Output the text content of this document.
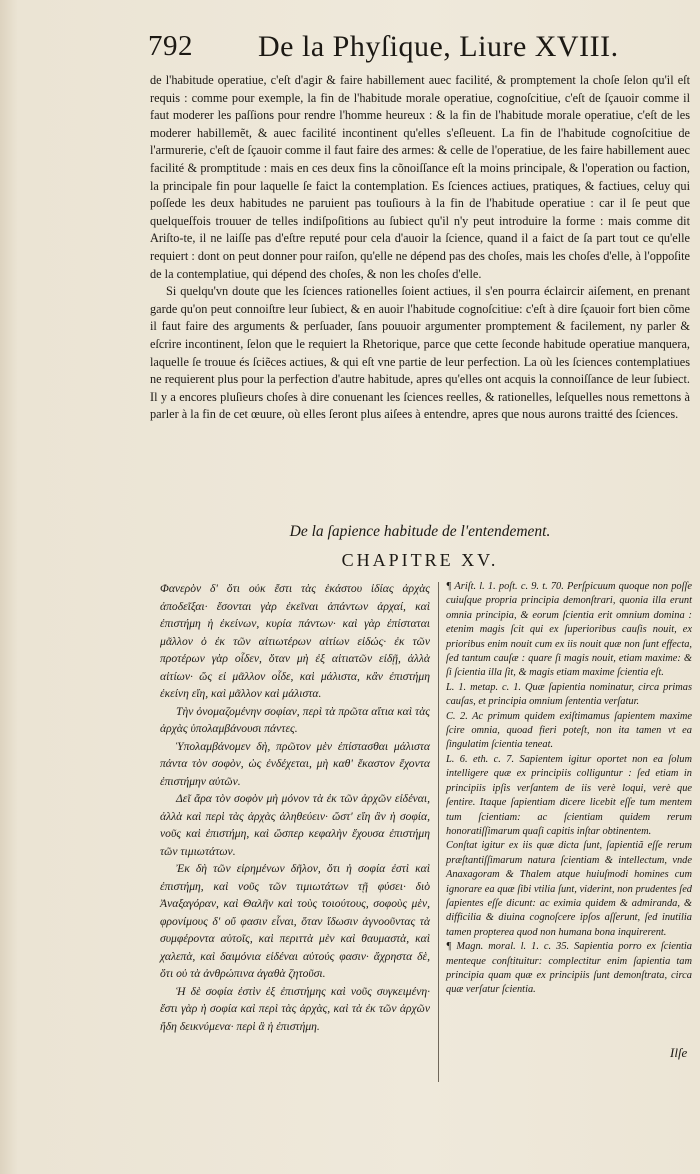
792 De la Phyſique, Liure XVIII.

de l'habitude operatiue, c'eſt d'agir & faire habillement auec facilité, & promptement la choſe ſelon qu'il eſt requis : comme pour exemple, la fin de l'habitude morale operatiue, cognoſcitiue, c'eſt de ſçauoir comme il faut moderer les paſſions pour rendre l'homme heureux : & la fin de l'habitude morale operatiue, c'eſt de les moderer habillemẽt, & auec facilité incontinent qu'elles s'eſleuent. La fin de l'habitude cognoſcitiue de l'armurerie, c'eſt de ſçauoir comme il faut faire des armes: & celle de l'operatiue, de les faire habillement auec facilité & promptitude : mais en ces deux fins la cõnoiſſance eſt la moins principale, & l'operation ou faction, la principale fin pour laquelle ſe faict la contemplation. Es ſciences actiues, pratiques, & factiues, celuy qui poſſede les deux habitudes ne paruient pas touſiours à la fin de l'habitude operatiue : car il ſe peut que quelqueſfois trouuer de telles indiſpoſitions au ſubiect qu'il n'y peut introduire la forme : mais comme dit Ariſto-te, il ne laiſſe pas d'eſtre reputé pour cela d'auoir la ſcience, quand il a faict de ſa part tout ce qu'elle requiert : dont on peut donner pour raiſon, qu'elle ne dépend pas des choſes, mais les choſes d'elle, à l'oppoſite de la contemplatiue, qui dépend des choſes, & non les choſes d'elle.

Si quelqu'vn doute que les ſciences rationelles ſoient actiues, il s'en pourra éclaircir aiſement, en prenant garde qu'on peut connoiſtre leur ſubiect, & en auoir l'habitude cognoſcitiue: c'eſt à dire ſçauoir fort bien cõme il faut faire des arguments & perſuader, ſans pouuoir argumenter promptement & facilement, ny parler & eſcrire incontinent, ſelon que le requiert la Rhetorique, parce que cette ſeconde habitude operatiue manquera, laquelle ſe trouue és ſciẽces actiues, & qui eſt vne partie de leur perfection. La où les ſciences contemplatiues ne requierent plus pour la perfection d'autre habitude, apres qu'elles ont acquis la connoiſſance de leur ſubiect. Il y a encores pluſieurs choſes à dire conuenant les ſciences reelles, & rationelles, leſquelles nous remettons à parler à la fin de cet œuure, où elles ſeront plus aiſees à entendre, apres que nous aurons traitté des ſciences.

De la ſapience habitude de l'entendement.
CHAPITRE XV.

Φανερὸν δ' ὅτι οὐκ ἔστι τὰς ἑκάστου ἰδίας ἀρχὰς ἀποδεῖξαι· ἔσονται γὰρ ἐκεῖναι ἁπάντων ἀρχαί, καὶ ἐπιστήμη ἡ ἐκείνων, κυρία πάντων· καὶ γὰρ ἐπίσταται μᾶλλον ὁ ἐκ τῶν αἰτιωτέρων αἰτίων εἰδώς· ἐκ τῶν προτέρων γὰρ οἶδεν, ὅταν μὴ ἐξ αἰτιατῶν εἰδῇ, ἀλλὰ αἰτίων· ὥς εἰ μᾶλλον οἶδε, καὶ μάλιστα, κἂν ἐπιστήμη ἐκείνη εἴη, καὶ μᾶλλον καὶ μάλιστα.

Τὴν ὀνομαζομένην σοφίαν, περὶ τὰ πρῶτα αἴτια καὶ τὰς ἀρχὰς ὑπολαμβάνουσι πάντες.

Ὑπολαμβάνομεν δὴ, πρῶτον μὲν ἐπίστασθαι μάλιστα πάντα τὸν σοφὸν, ὡς ἐνδέχεται, μὴ καθ' ἕκαστον ἔχοντα ἐπιστήμην αὐτῶν.

Δεῖ ἄρα τὸν σοφὸν μὴ μόνον τὰ ἐκ τῶν ἀρχῶν εἰδέναι, ἀλλὰ καὶ περὶ τὰς ἀρχὰς ἀληθεύειν· ὥστ' εἴη ἂν ἡ σοφία, νοῦς καὶ ἐπιστήμη, καὶ ὥσπερ κεφαλὴν ἔχουσα ἐπιστήμη τῶν τιμιωτάτων.

Ἐκ δὴ τῶν εἰρημένων δῆλον, ὅτι ἡ σοφία ἐστὶ καὶ ἐπιστήμη, καὶ νοῦς τῶν τιμιωτάτων τῇ φύσει· διὸ Ἀναξαγόραν, καὶ Θαλῆν καὶ τοὺς τοιούτους, σοφοὺς μὲν, φρονίμους δ' οὔ φασιν εἶναι, ὅταν ἴδωσιν ἀγνοοῦντας τὰ συμφέροντα αὑτοῖς, καὶ περιττὰ μὲν καὶ θαυμαστὰ, καὶ χαλεπὰ, καὶ δαιμόνια εἰδέναι αὐτούς φασιν· ἄχρηστα δὲ, ὅτι οὐ τὰ ἀνθρώπινα ἀγαθὰ ζητοῦσι.

Ἡ δὲ σοφία ἐστὶν ἐξ ἐπιστήμης καὶ νοῦς συγκειμένη· ἔστι γὰρ ἡ σοφία καὶ περὶ τὰς ἀρχὰς, καὶ τὰ ἐκ τῶν ἀρχῶν ἤδη δεικνύμενα· περὶ ἃ ἡ ἐπιστήμη.

¶ Ariſt. l. 1. poſt. c. 9. t. 70. Perſpicuum quoque non poſſe cuiuſque propria principia demonſtrari, quonia illa erunt omnia principia, & eorum ſcientia erit omnium domina : etenim magis ſcit qui ex ſuperioribus cauſis nouit, ex prioribus enim nouit cum ex iis nouit quæ non ſunt effecta, ſed tantum cauſæ : quare ſi magis nouit, etiam maxime: & ſi ſcientia illa ſit, & magis etiam maxime ſcientia eſt.

L. 1. metap. c. 1. Quæ ſapientia nominatur, circa primas cauſas, et principia omnium ſententia verſatur.

C. 2. Ac primum quidem exiſtimamus ſapientem maxime ſcire omnia, quoad fieri poteſt, non ita tamen vt ea ſingulatim ſcientia teneat.

L. 6. eth. c. 7. Sapientem igitur oportet non ea ſolum intelligere quæ ex principiis colliguntur : ſed etiam in principiis ipſis verſantem de iis verè loqui, verè que ſentire. Itaque ſapientiam dicere licebit eſſe tum mentem tum ſcientiam: ac ſcientiam quidem rerum honoratiſſimarum quaſi capitis inſtar obtinentem.

Conſtat igitur ex iis quæ dicta ſunt, ſapientiã eſſe rerum præſtantiſſimarum natura ſcientiam & intellectum, vnde Anaxagoram & Thalem atque huiuſmodi homines cum ignorare ea quæ ſibi vtilia ſunt, viderint, non prudentes ſed ſapientes eſſe dicunt: ac eximia quidem & admiranda, & difficilia & diuina cognoſcere ipſos aſſerunt, ſed inutilia tamen propterea quod non humana bona inquirerent.

¶ Magn. moral. l. 1. c. 35. Sapientia porro ex ſcientia menteque conſtituitur: complectitur enim ſapientia tam principia quam quæ ex principiis ſunt demonſtrata, circa quæ verſatur ſcientia.

Ilſe
